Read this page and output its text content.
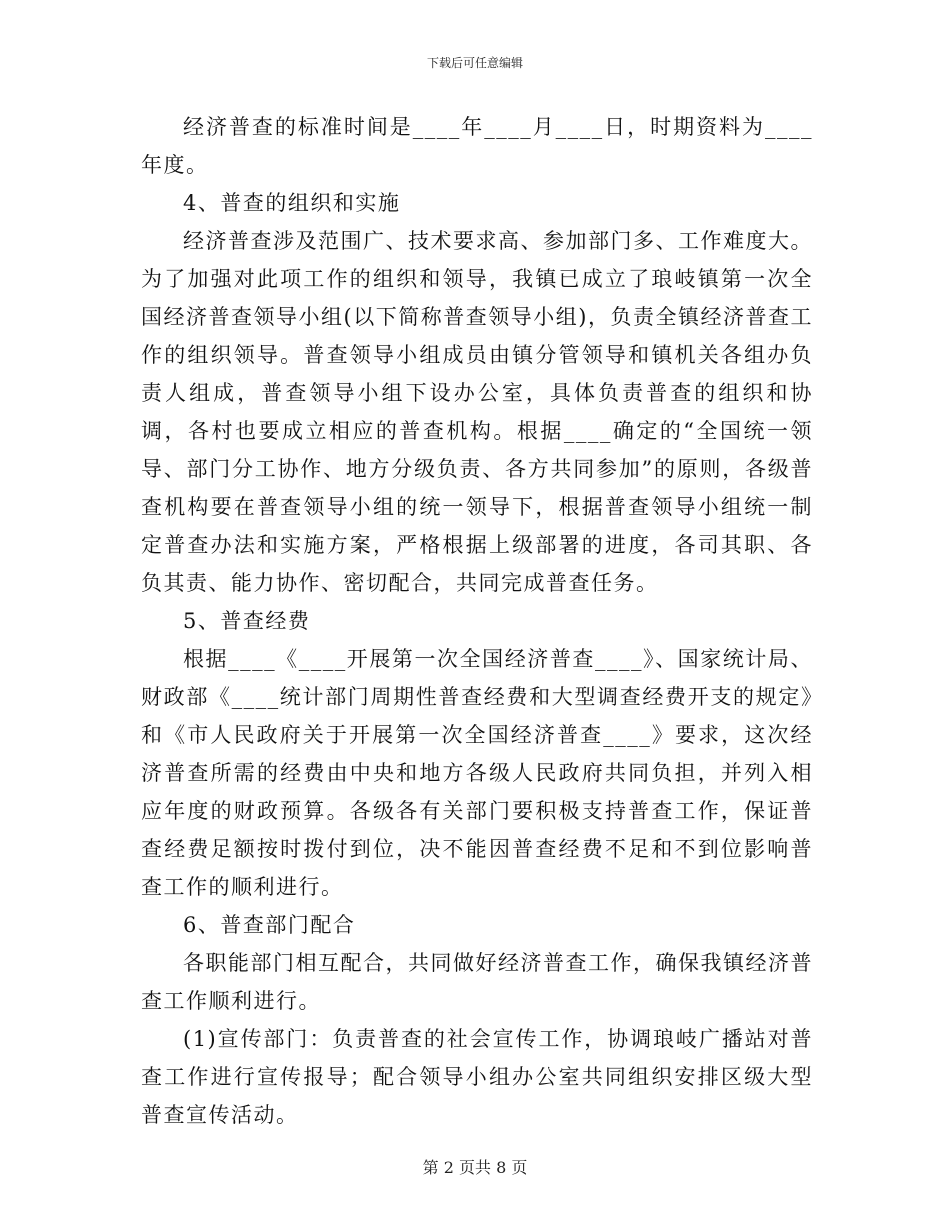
下载后可任意编辑

经济普查的标准时间是____年____月____日，时期资料为____年度。

4、普查的组织和实施

经济普查涉及范围广、技术要求高、参加部门多、工作难度大。为了加强对此项工作的组织和领导，我镇已成立了琅岐镇第一次全国经济普查领导小组(以下简称普查领导小组)，负责全镇经济普查工作的组织领导。普查领导小组成员由镇分管领导和镇机关各组办负责人组成，普查领导小组下设办公室，具体负责普查的组织和协调，各村也要成立相应的普查机构。根据____确定的“全国统一领导、部门分工协作、地方分级负责、各方共同参加”的原则，各级普查机构要在普查领导小组的统一领导下，根据普查领导小组统一制定普查办法和实施方案，严格根据上级部署的进度，各司其职、各负其责、能力协作、密切配合，共同完成普查任务。

5、普查经费

根据____《____开展第一次全国经济普查____》、国家统计局、财政部《____统计部门周期性普查经费和大型调查经费开支的规定》和《市人民政府关于开展第一次全国经济普查____》要求，这次经济普查所需的经费由中央和地方各级人民政府共同负担，并列入相应年度的财政预算。各级各有关部门要积极支持普查工作，保证普查经费足额按时拨付到位，决不能因普查经费不足和不到位影响普查工作的顺利进行。

6、普查部门配合

各职能部门相互配合，共同做好经济普查工作，确保我镇经济普查工作顺利进行。

(1)宣传部门：负责普查的社会宣传工作，协调琅岐广播站对普查工作进行宣传报导；配合领导小组办公室共同组织安排区级大型普查宣传活动。

第 2 页共 8 页
